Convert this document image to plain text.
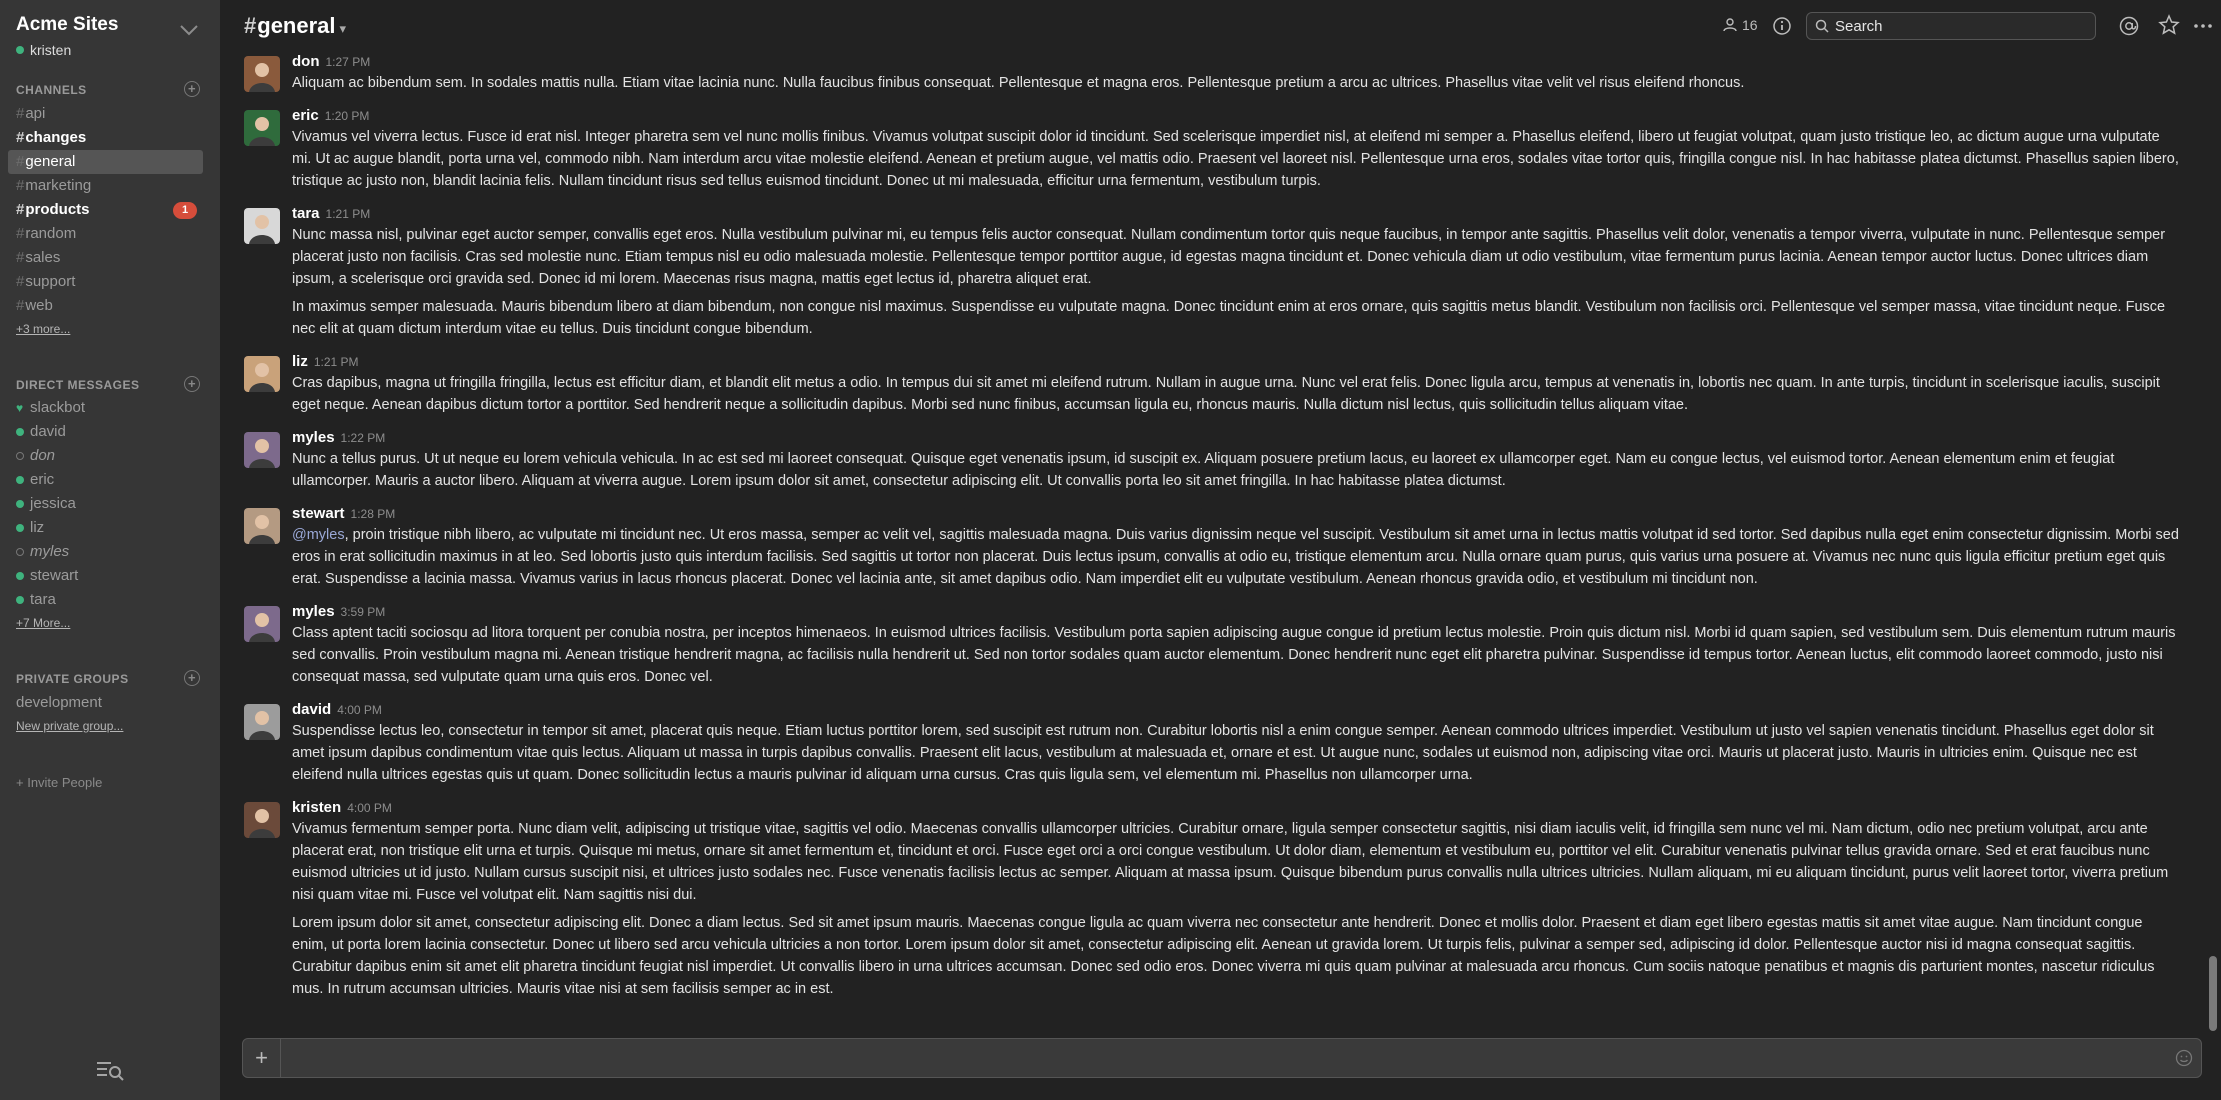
Acme Sites
kristen
CHANNELS	+
#api
#changes
#general
#marketing
#products	1
#random
#sales
#support
#web
+3 more...
DIRECT MESSAGES	+
♥ slackbot
david
don
eric
jessica
liz
myles
stewart
tara
+7 More...
PRIVATE GROUPS	+
development
New private group...
+ Invite People
#general ▾	16
Search
don 1:27 PM
Aliquam ac bibendum sem. In sodales mattis nulla. Etiam vitae lacinia nunc. Nulla faucibus finibus consequat. Pellentesque et magna eros. Pellentesque pretium a arcu ac ultrices. Phasellus vitae velit vel risus eleifend rhoncus.
eric 1:20 PM
Vivamus vel viverra lectus. Fusce id erat nisl. Integer pharetra sem vel nunc mollis finibus. Vivamus volutpat suscipit dolor id tincidunt. Sed scelerisque imperdiet nisl, at eleifend mi semper a. Phasellus eleifend, libero ut feugiat volutpat, quam justo tristique leo, ac dictum augue urna vulputate mi. Ut ac augue blandit, porta urna vel, commodo nibh. Nam interdum arcu vitae molestie eleifend. Aenean et pretium augue, vel mattis odio. Praesent vel laoreet nisl. Pellentesque urna eros, sodales vitae tortor quis, fringilla congue nisl. In hac habitasse platea dictumst. Phasellus sapien libero, tristique ac justo non, blandit lacinia felis. Nullam tincidunt risus sed tellus euismod tincidunt. Donec ut mi malesuada, efficitur urna fermentum, vestibulum turpis.
tara 1:21 PM
Nunc massa nisl, pulvinar eget auctor semper, convallis eget eros. Nulla vestibulum pulvinar mi, eu tempus felis auctor consequat. Nullam condimentum tortor quis neque faucibus, in tempor ante sagittis. Phasellus velit dolor, venenatis a tempor viverra, vulputate in nunc. Pellentesque semper placerat justo non facilisis. Cras sed molestie nunc. Etiam tempus nisl eu odio malesuada molestie. Pellentesque tempor porttitor augue, id egestas magna tincidunt et. Donec vehicula diam ut odio vestibulum, vitae fermentum purus lacinia. Aenean tempor auctor luctus. Donec ultrices diam ipsum, a scelerisque orci gravida sed. Donec id mi lorem. Maecenas risus magna, mattis eget lectus id, pharetra aliquet erat.
In maximus semper malesuada. Mauris bibendum libero at diam bibendum, non congue nisl maximus. Suspendisse eu vulputate magna. Donec tincidunt enim at eros ornare, quis sagittis metus blandit. Vestibulum non facilisis orci. Pellentesque vel semper massa, vitae tincidunt neque. Fusce nec elit at quam dictum interdum vitae eu tellus. Duis tincidunt congue bibendum.
liz 1:21 PM
Cras dapibus, magna ut fringilla fringilla, lectus est efficitur diam, et blandit elit metus a odio. In tempus dui sit amet mi eleifend rutrum. Nullam in augue urna. Nunc vel erat felis. Donec ligula arcu, tempus at venenatis in, lobortis nec quam. In ante turpis, tincidunt in scelerisque iaculis, suscipit eget neque. Aenean dapibus dictum tortor a porttitor. Sed hendrerit neque a sollicitudin dapibus. Morbi sed nunc finibus, accumsan ligula eu, rhoncus mauris. Nulla dictum nisl lectus, quis sollicitudin tellus aliquam vitae.
myles 1:22 PM
Nunc a tellus purus. Ut ut neque eu lorem vehicula vehicula. In ac est sed mi laoreet consequat. Quisque eget venenatis ipsum, id suscipit ex. Aliquam posuere pretium lacus, eu laoreet ex ullamcorper eget. Nam eu congue lectus, vel euismod tortor. Aenean elementum enim et feugiat ullamcorper. Mauris a auctor libero. Aliquam at viverra augue. Lorem ipsum dolor sit amet, consectetur adipiscing elit. Ut convallis porta leo sit amet fringilla. In hac habitasse platea dictumst.
stewart 1:28 PM
@myles, proin tristique nibh libero, ac vulputate mi tincidunt nec. Ut eros massa, semper ac velit vel, sagittis malesuada magna. Duis varius dignissim neque vel suscipit. Vestibulum sit amet urna in lectus mattis volutpat id sed tortor. Sed dapibus nulla eget enim consectetur dignissim. Morbi sed eros in erat sollicitudin maximus in at leo. Sed lobortis justo quis interdum facilisis. Sed sagittis ut tortor non placerat. Duis lectus ipsum, convallis at odio eu, tristique elementum arcu. Nulla ornare quam purus, quis varius urna posuere at. Vivamus nec nunc quis ligula efficitur pretium eget quis erat. Suspendisse a lacinia massa. Vivamus varius in lacus rhoncus placerat. Donec vel lacinia ante, sit amet dapibus odio. Nam imperdiet elit eu vulputate vestibulum. Aenean rhoncus gravida odio, et vestibulum mi tincidunt non.
myles 3:59 PM
Class aptent taciti sociosqu ad litora torquent per conubia nostra, per inceptos himenaeos. In euismod ultrices facilisis. Vestibulum porta sapien adipiscing augue congue id pretium lectus molestie. Proin quis dictum nisl. Morbi id quam sapien, sed vestibulum sem. Duis elementum rutrum mauris sed convallis. Proin vestibulum magna mi. Aenean tristique hendrerit magna, ac facilisis nulla hendrerit ut. Sed non tortor sodales quam auctor elementum. Donec hendrerit nunc eget elit pharetra pulvinar. Suspendisse id tempus tortor. Aenean luctus, elit commodo laoreet commodo, justo nisi consequat massa, sed vulputate quam urna quis eros. Donec vel.
david 4:00 PM
Suspendisse lectus leo, consectetur in tempor sit amet, placerat quis neque. Etiam luctus porttitor lorem, sed suscipit est rutrum non. Curabitur lobortis nisl a enim congue semper. Aenean commodo ultrices imperdiet. Vestibulum ut justo vel sapien venenatis tincidunt. Phasellus eget dolor sit amet ipsum dapibus condimentum vitae quis lectus. Aliquam ut massa in turpis dapibus convallis. Praesent elit lacus, vestibulum at malesuada et, ornare et est. Ut augue nunc, sodales ut euismod non, adipiscing vitae orci. Mauris ut placerat justo. Mauris in ultricies enim. Quisque nec est eleifend nulla ultrices egestas quis ut quam. Donec sollicitudin lectus a mauris pulvinar id aliquam urna cursus. Cras quis ligula sem, vel elementum mi. Phasellus non ullamcorper urna.
kristen 4:00 PM
Vivamus fermentum semper porta. Nunc diam velit, adipiscing ut tristique vitae, sagittis vel odio. Maecenas convallis ullamcorper ultricies. Curabitur ornare, ligula semper consectetur sagittis, nisi diam iaculis velit, id fringilla sem nunc vel mi. Nam dictum, odio nec pretium volutpat, arcu ante placerat erat, non tristique elit urna et turpis. Quisque mi metus, ornare sit amet fermentum et, tincidunt et orci. Fusce eget orci a orci congue vestibulum. Ut dolor diam, elementum et vestibulum eu, porttitor vel elit. Curabitur venenatis pulvinar tellus gravida ornare. Sed et erat faucibus nunc euismod ultricies ut id justo. Nullam cursus suscipit nisi, et ultrices justo sodales nec. Fusce venenatis facilisis lectus ac semper. Aliquam at massa ipsum. Quisque bibendum purus convallis nulla ultrices ultricies. Nullam aliquam, mi eu aliquam tincidunt, purus velit laoreet tortor, viverra pretium nisi quam vitae mi. Fusce vel volutpat elit. Nam sagittis nisi dui.
Lorem ipsum dolor sit amet, consectetur adipiscing elit. Donec a diam lectus. Sed sit amet ipsum mauris. Maecenas congue ligula ac quam viverra nec consectetur ante hendrerit. Donec et mollis dolor. Praesent et diam eget libero egestas mattis sit amet vitae augue. Nam tincidunt congue enim, ut porta lorem lacinia consectetur. Donec ut libero sed arcu vehicula ultricies a non tortor. Lorem ipsum dolor sit amet, consectetur adipiscing elit. Aenean ut gravida lorem. Ut turpis felis, pulvinar a semper sed, adipiscing id dolor. Pellentesque auctor nisi id magna consequat sagittis. Curabitur dapibus enim sit amet elit pharetra tincidunt feugiat nisl imperdiet. Ut convallis libero in urna ultrices accumsan. Donec sed odio eros. Donec viverra mi quis quam pulvinar at malesuada arcu rhoncus. Cum sociis natoque penatibus et magnis dis parturient montes, nascetur ridiculus mus. In rutrum accumsan ultricies. Mauris vitae nisi at sem facilisis semper ac in est.
+
